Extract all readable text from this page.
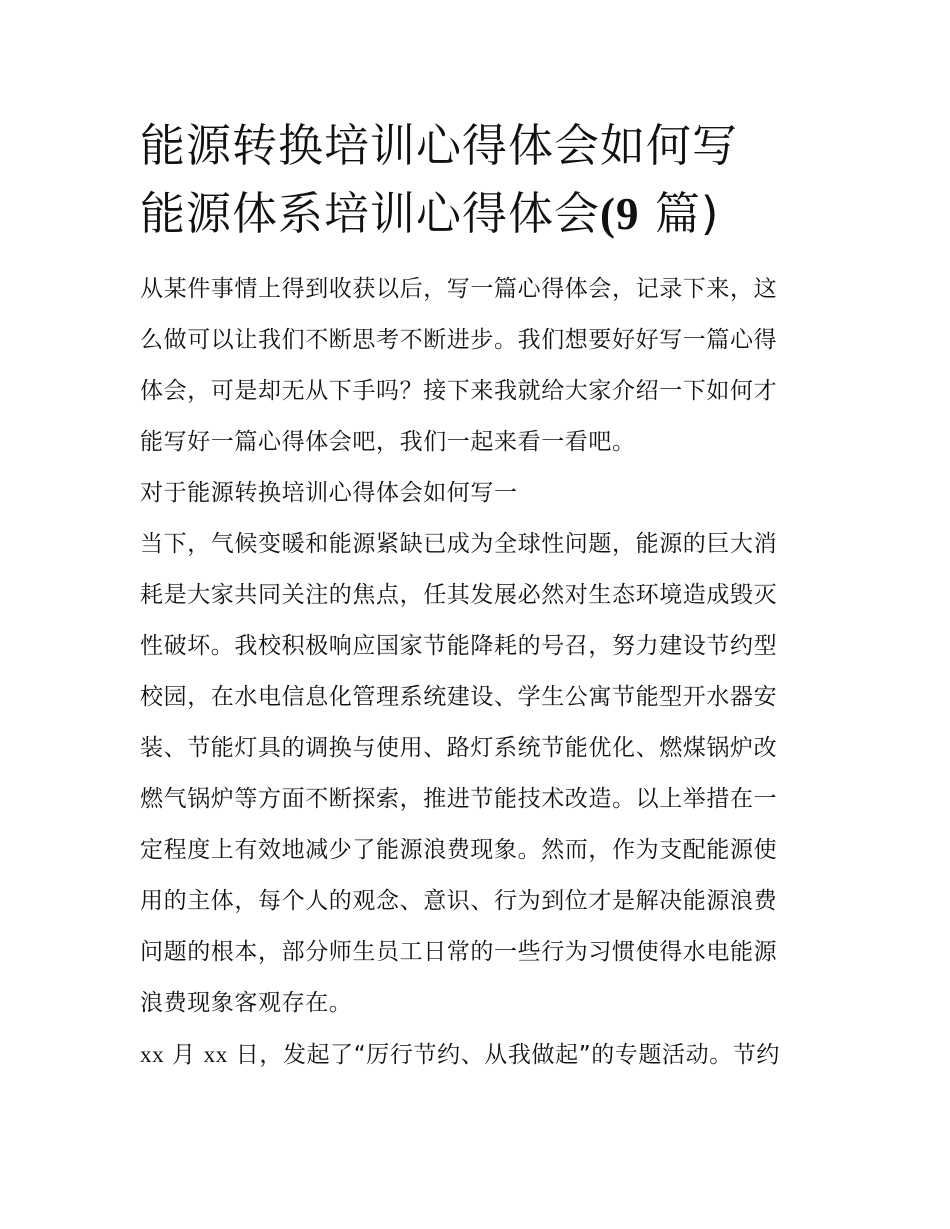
能源转换培训心得体会如何写
能源体系培训心得体会(9 篇)

从某件事情上得到收获以后，写一篇心得体会，记录下来，这

么做可以让我们不断思考不断进步。我们想要好好写一篇心得

体会，可是却无从下手吗？接下来我就给大家介绍一下如何才

能写好一篇心得体会吧，我们一起来看一看吧。

对于能源转换培训心得体会如何写一

当下，气候变暖和能源紧缺已成为全球性问题，能源的巨大消

耗是大家共同关注的焦点，任其发展必然对生态环境造成毁灭

性破坏。我校积极响应国家节能降耗的号召，努力建设节约型

校园，在水电信息化管理系统建设、学生公寓节能型开水器安

装、节能灯具的调换与使用、路灯系统节能优化、燃煤锅炉改

燃气锅炉等方面不断探索，推进节能技术改造。以上举措在一

定程度上有效地减少了能源浪费现象。然而，作为支配能源使

用的主体，每个人的观念、意识、行为到位才是解决能源浪费

问题的根本，部分师生员工日常的一些行为习惯使得水电能源

浪费现象客观存在。

xx 月 xx 日，发起了“厉行节约、从我做起”的专题活动。节约
